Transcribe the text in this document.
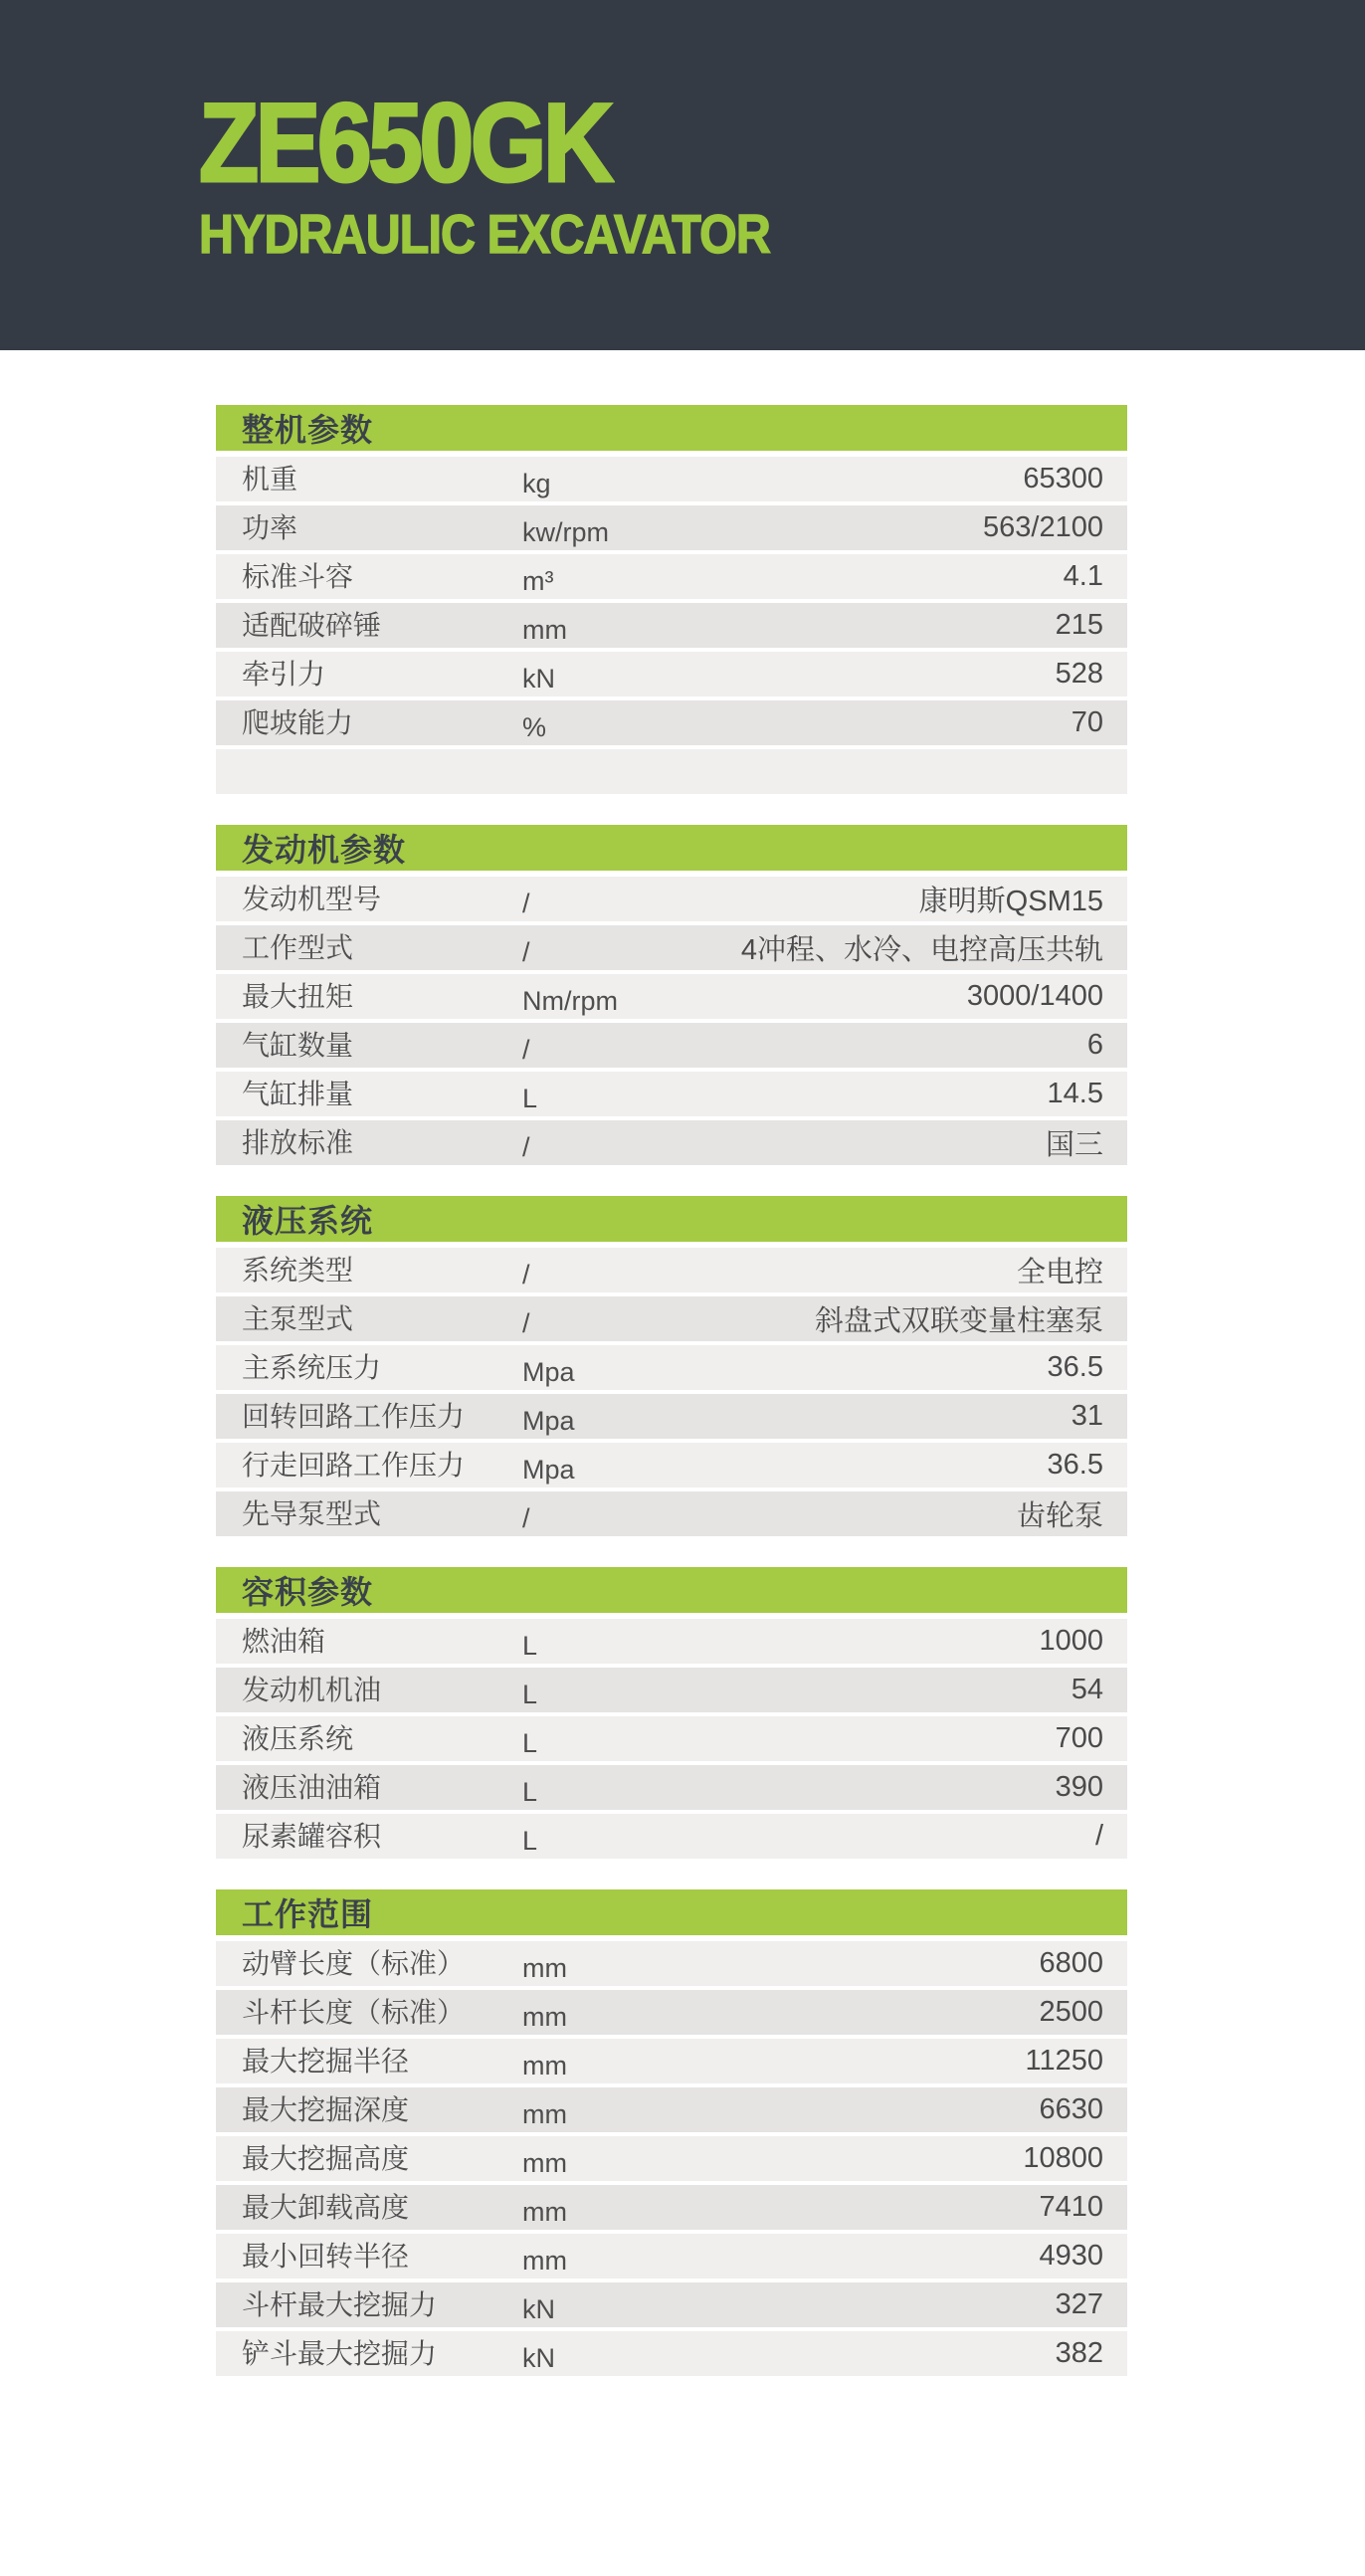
ZE650GK
HYDRAULIC EXCAVATOR
整机参数
机重	kg	65300
功率	kw/rpm	563/2100
标准斗容	m³	4.1
适配破碎锤	mm	215
牵引力	kN	528
爬坡能力	%	70
发动机参数
发动机型号	/	康明斯QSM15
工作型式	/	4冲程、水冷、电控高压共轨
最大扭矩	Nm/rpm	3000/1400
气缸数量	/	6
气缸排量	L	14.5
排放标准	/	国三
液压系统
系统类型	/	全电控
主泵型式	/	斜盘式双联变量柱塞泵
主系统压力	Mpa	36.5
回转回路工作压力	Mpa	31
行走回路工作压力	Mpa	36.5
先导泵型式	/	齿轮泵
容积参数
燃油箱	L	1000
发动机机油	L	54
液压系统	L	700
液压油油箱	L	390
尿素罐容积	L	/
工作范围
动臂长度（标准）	mm	6800
斗杆长度（标准）	mm	2500
最大挖掘半径	mm	11250
最大挖掘深度	mm	6630
最大挖掘高度	mm	10800
最大卸载高度	mm	7410
最小回转半径	mm	4930
斗杆最大挖掘力	kN	327
铲斗最大挖掘力	kN	382
